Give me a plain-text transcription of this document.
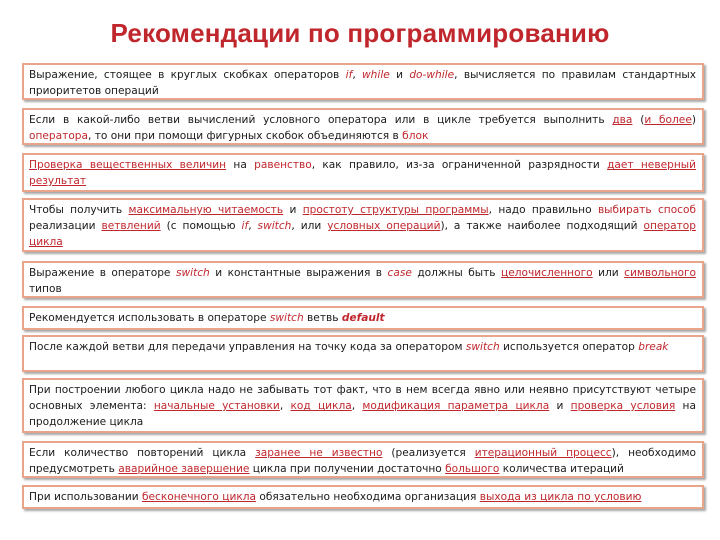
Рекомендации по программированию
Выражение, стоящее в круглых скобках операторов if, while и do-while, вычисляется по правилам стандартных приоритетов операций
Если в какой-либо ветви вычислений условного оператора или в цикле требуется выполнить два (и более) оператора, то они при помощи фигурных скобок объединяются в блок
Проверка вещественных величин на равенство, как правило, из-за ограниченной разрядности дает неверный результат
Чтобы получить максимальную читаемость и простоту структуры программы, надо правильно выбирать способ реализации ветвлений (с помощью if, switch, или условных операций), а также наиболее подходящий оператор цикла
Выражение в операторе switch и константные выражения в case должны быть целочисленного или символьного типов
Рекомендуется использовать в операторе switch ветвь default
После каждой ветви для передачи управления на точку кода за оператором switch используется оператор break
При построении любого цикла надо не забывать тот факт, что в нем всегда явно или неявно присутствуют четыре основных элемента: начальные установки, код цикла, модификация параметра цикла и проверка условия на продолжение цикла
Если количество повторений цикла заранее не известно (реализуется итерационный процесс), необходимо предусмотреть аварийное завершение цикла при получении достаточно большого количества итераций
При использовании бесконечного цикла обязательно необходима организация выхода из цикла по условию
